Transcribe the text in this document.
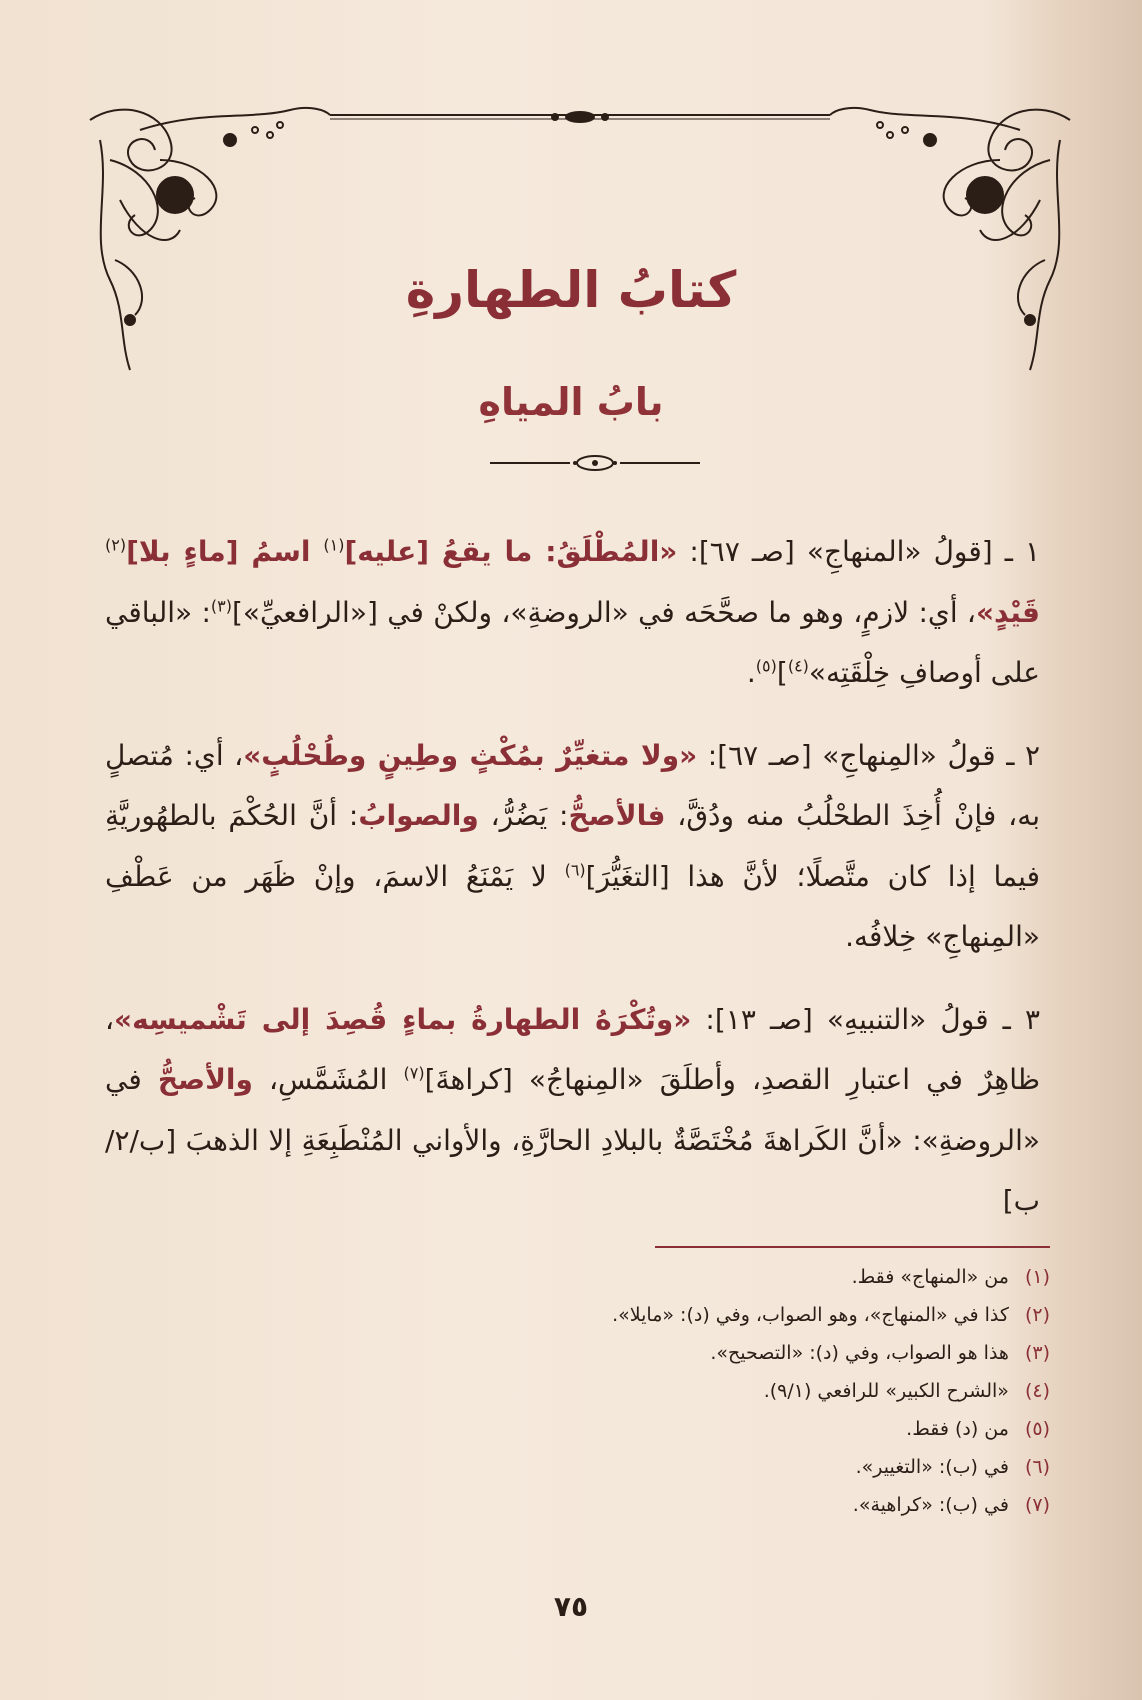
كتابُ الطهارةِ
بابُ المياهِ

١ ـ [قولُ «المنهاجِ» [صـ ٦٧]: «المُطْلَقُ: ما يقعُ [عليه]$^{(١)}$ اسمُ [ماءٍ بلا]$^{(٢)}$ قَيْدٍ»، أي: لازمٍ، وهو ما صحَّحَه في «الروضةِ»، ولكنْ في [«الرافعيِّ»]$^{(٣)}$: «الباقي على أوصافِ خِلْقَتِه»$^{(٤)}$]$^{(٥)}$.

٢ ـ قولُ «المِنهاجِ» [صـ ٦٧]: «ولا متغيِّرٌ بمُكْثٍ وطِينٍ وطُحْلُبٍ»، أي: مُتصلٍ به، فإنْ أُخِذَ الطحْلُبُ منه ودُقَّ، فالأصحُّ: يَضُرُّ، والصوابُ: أنَّ الحُكْمَ بالطهُوريَّةِ فيما إذا كان متَّصلًا؛ لأنَّ هذا [التغَيُّرَ]$^{(٦)}$ لا يَمْنَعُ الاسمَ، وإنْ ظَهَر من عَطْفِ «المِنهاجِ» خِلافُه.

٣ ـ قولُ «التنبيهِ» [صـ ١٣]: «وتُكْرَهُ الطهارةُ بماءٍ قُصِدَ إلى تَشْميسِه»، ظاهِرٌ في اعتبارِ القصدِ، وأطلَقَ «المِنهاجُ» [كراهةَ]$^{(٧)}$ المُشَمَّسِ، والأصحُّ في «الروضةِ»: «أنَّ الكَراهةَ مُخْتَصَّةٌ بالبلادِ الحارَّةِ، والأواني المُنْطَبِعَةِ إلا الذهبَ [ب/٢/ب]

(١)من «المنهاج» فقط.
(٢)كذا في «المنهاج»، وهو الصواب، وفي (د): «مايلا».
(٣)هذا هو الصواب، وفي (د): «التصحيح».
(٤)«الشرح الكبير» للرافعي (٩/١).
(٥)من (د) فقط.
(٦)في (ب): «التغيير».
(٧)في (ب): «كراهية».
٧٥
